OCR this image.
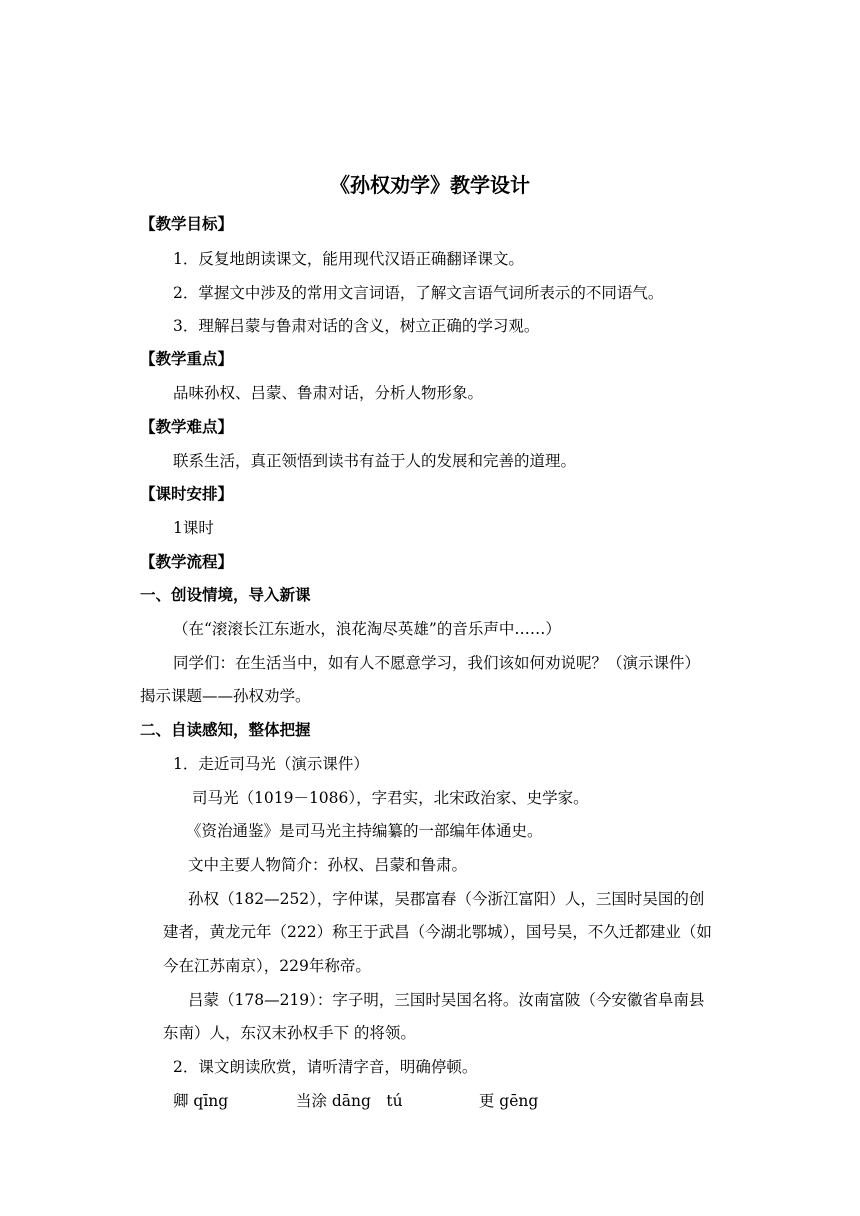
《孙权劝学》教学设计
【教学目标】
1．反复地朗读课文，能用现代汉语正确翻译课文。
2．掌握文中涉及的常用文言词语，了解文言语气词所表示的不同语气。
3．理解吕蒙与鲁肃对话的含义，树立正确的学习观。
【教学重点】
品味孙权、吕蒙、鲁肃对话，分析人物形象。
【教学难点】
联系生活，真正领悟到读书有益于人的发展和完善的道理。
【课时安排】
1课时
【教学流程】
一、创设情境，导入新课
（在“滚滚长江东逝水，浪花淘尽英雄”的音乐声中……）
同学们：在生活当中，如有人不愿意学习，我们该如何劝说呢？（演示课件）
揭示课题——孙权劝学。
二、自读感知，整体把握
1．走近司马光（演示课件）
司马光（1019－1086），字君实，北宋政治家、史学家。
《资治通鉴》是司马光主持编纂的一部编年体通史。
文中主要人物简介：孙权、吕蒙和鲁肃。
孙权（182—252），字仲谋，吴郡富春（今浙江富阳）人，三国时吴国的创
建者，黄龙元年（222）称王于武昌（今湖北鄂城），国号吴，不久迁都建业（如
今在江苏南京），229年称帝。
吕蒙（178—219）：字子明，三国时吴国名将。汝南富陂（今安徽省阜南县
东南）人，东汉末孙权手下 的将领。
2．课文朗读欣赏，请听清字音，明确停顿。
卿 qīng	当涂 dāng　tú	更 gēng
